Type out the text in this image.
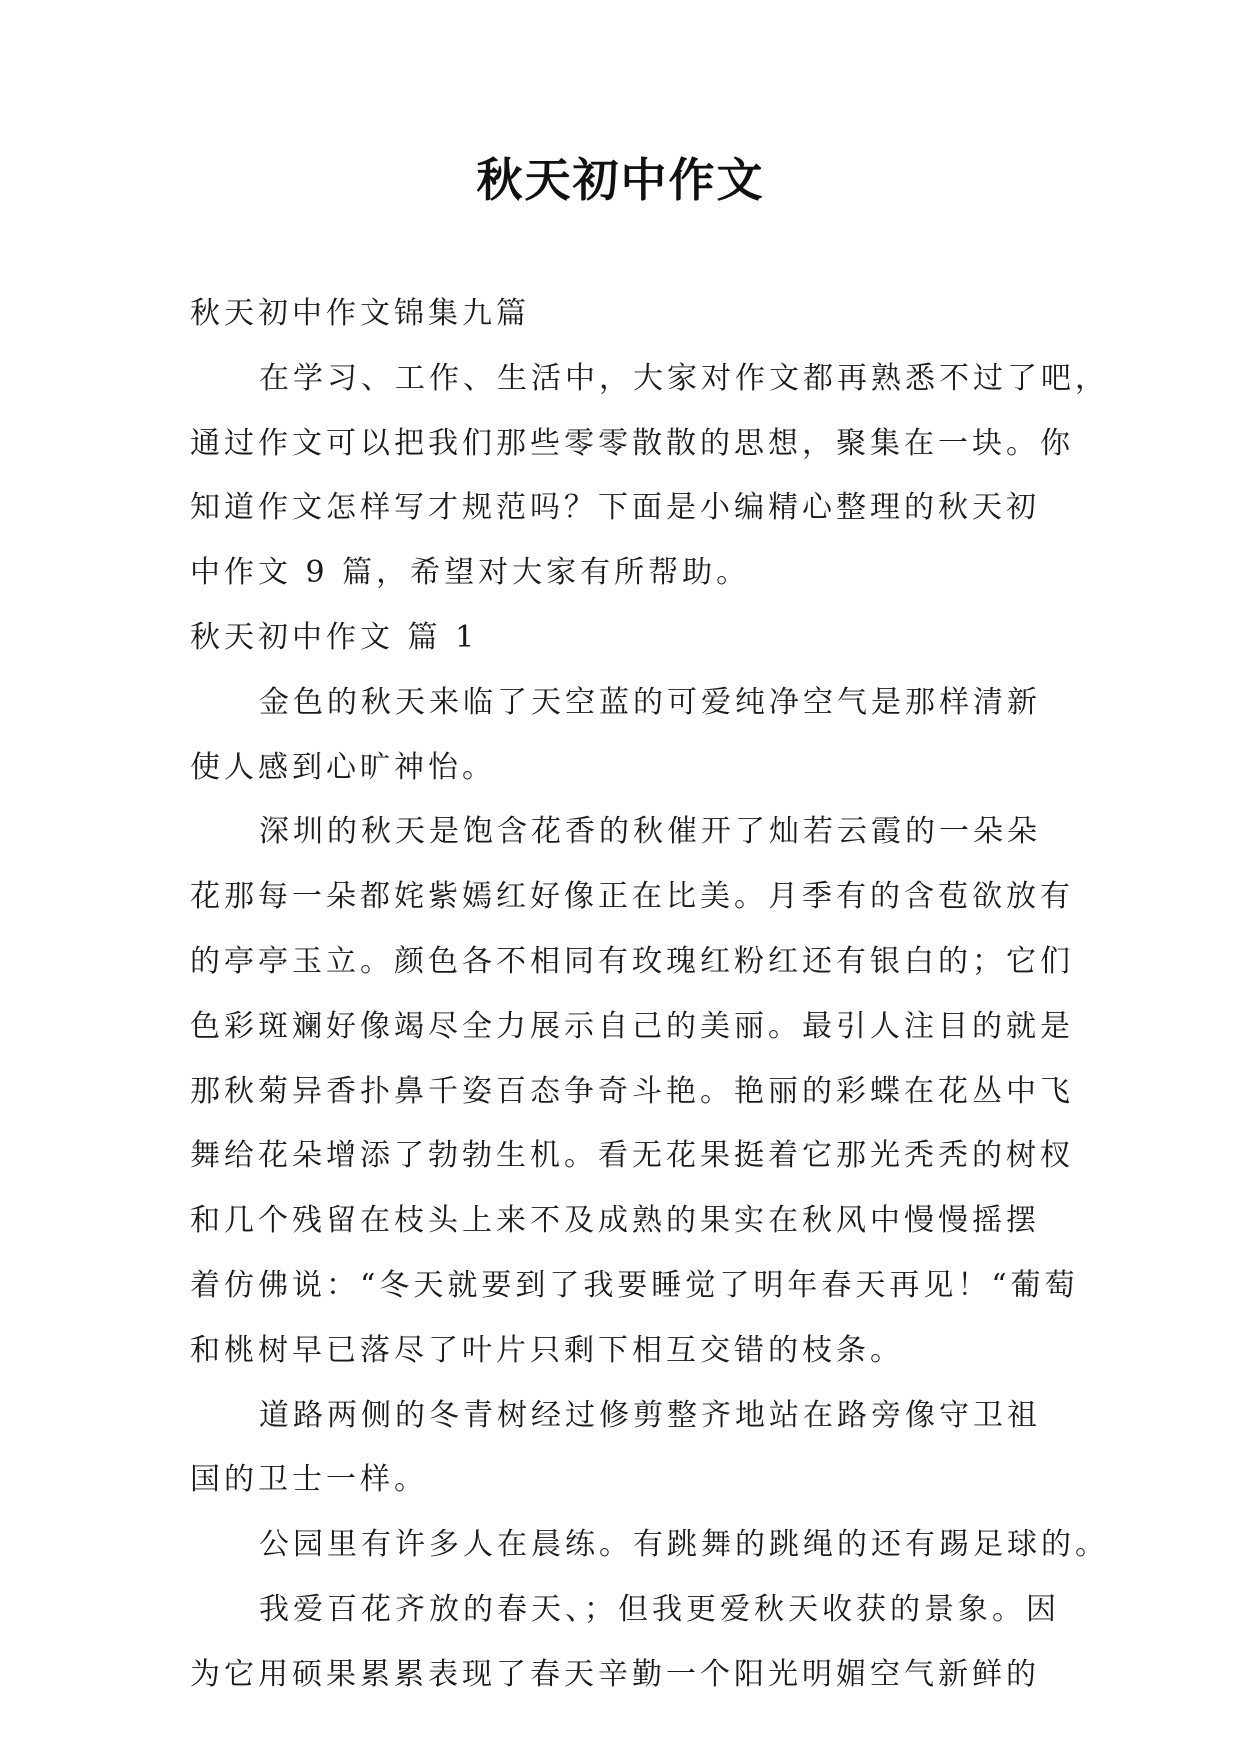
秋天初中作文

秋天初中作文锦集九篇

在学习、工作、生活中，大家对作文都再熟悉不过了吧，

通过作文可以把我们那些零零散散的思想，聚集在一块。你

知道作文怎样写才规范吗？下面是小编精心整理的秋天初

中作文 9 篇，希望对大家有所帮助。

秋天初中作文 篇 1

金色的秋天来临了天空蓝的可爱纯净空气是那样清新

使人感到心旷神怡。

深圳的秋天是饱含花香的秋催开了灿若云霞的一朵朵

花那每一朵都姹紫嫣红好像正在比美。月季有的含苞欲放有

的亭亭玉立。颜色各不相同有玫瑰红粉红还有银白的；它们

色彩斑斓好像竭尽全力展示自己的美丽。最引人注目的就是

那秋菊异香扑鼻千姿百态争奇斗艳。艳丽的彩蝶在花丛中飞

舞给花朵增添了勃勃生机。看无花果挺着它那光秃秃的树杈

和几个残留在枝头上来不及成熟的果实在秋风中慢慢摇摆

着仿佛说：“冬天就要到了我要睡觉了明年春天再见！“葡萄

和桃树早已落尽了叶片只剩下相互交错的枝条。

道路两侧的冬青树经过修剪整齐地站在路旁像守卫祖

国的卫士一样。

公园里有许多人在晨练。有跳舞的跳绳的还有踢足球的。

我爱百花齐放的春天、；但我更爱秋天收获的景象。因

为它用硕果累累表现了春天辛勤一个阳光明媚空气新鲜的
